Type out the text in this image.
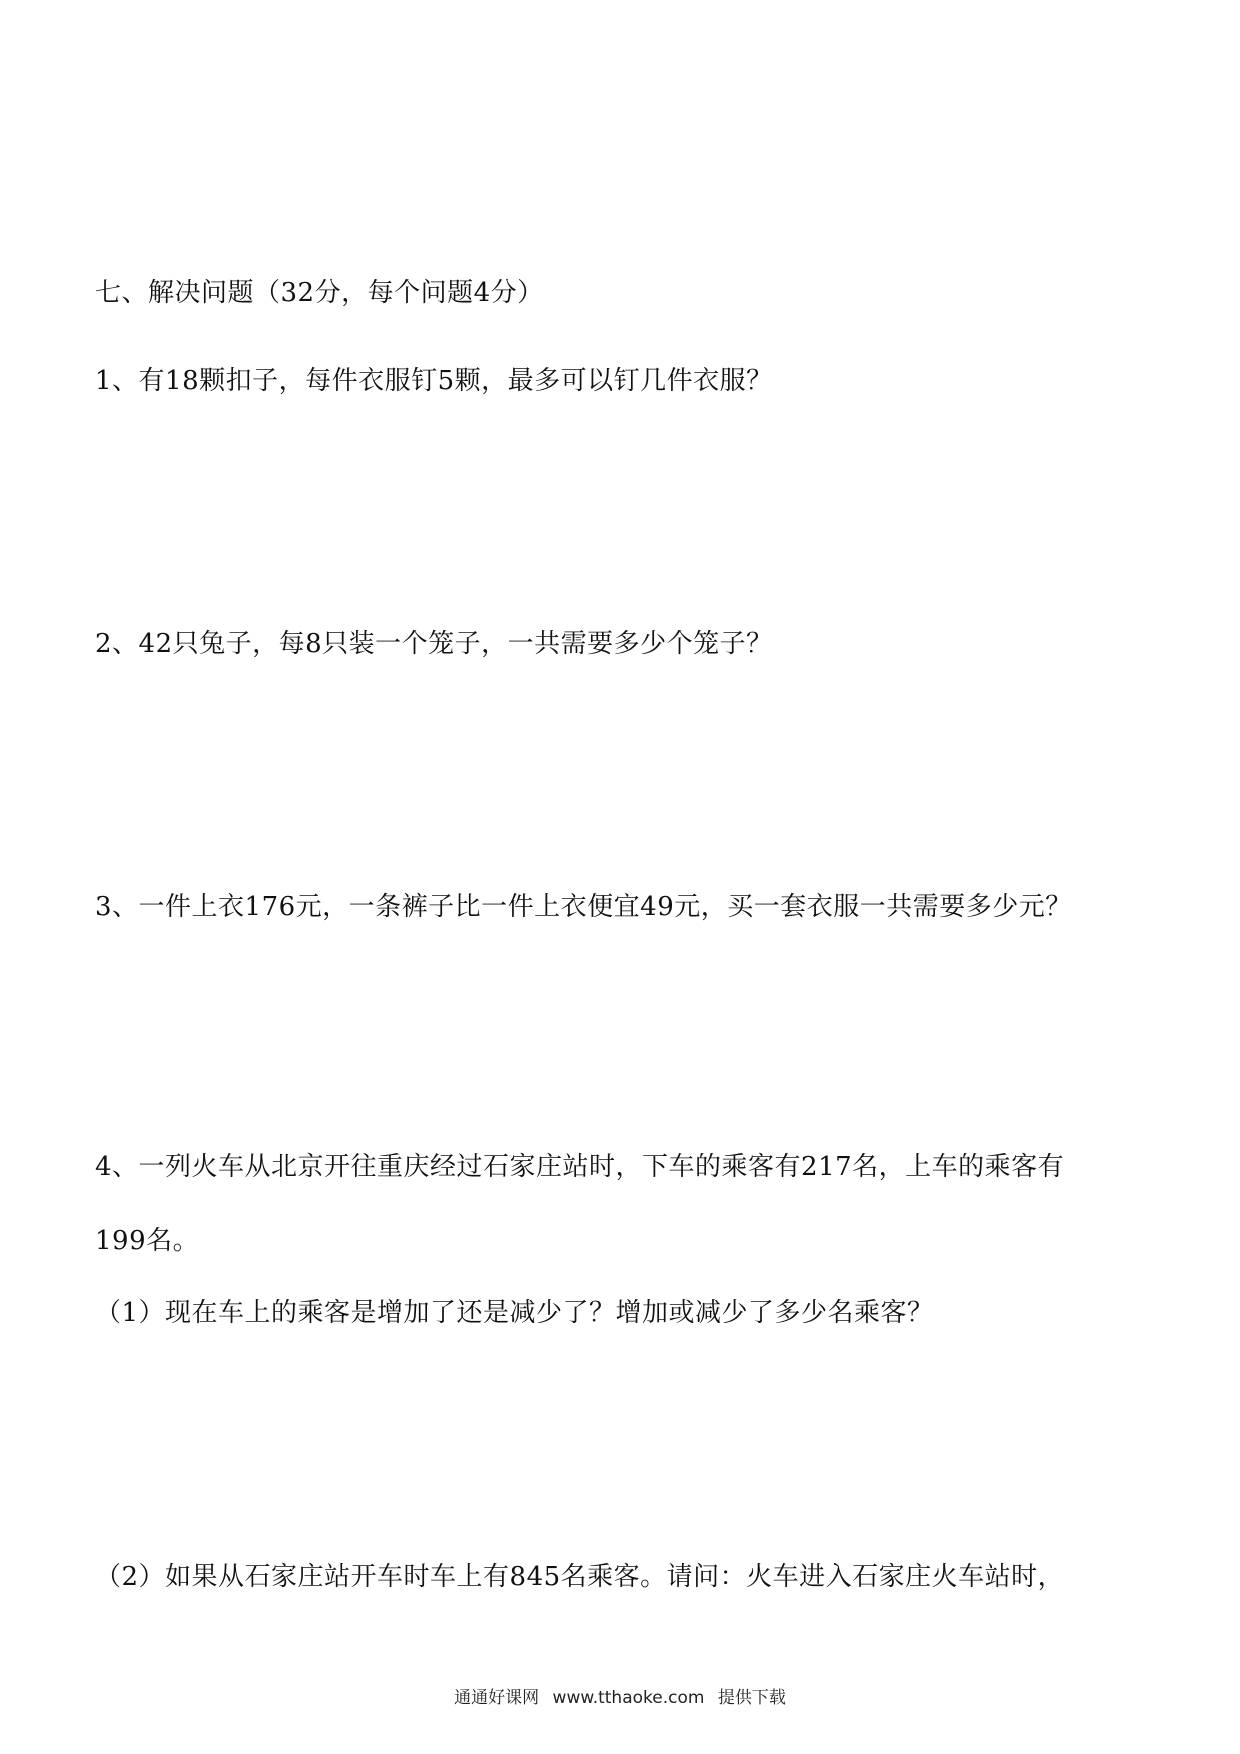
七、解决问题（32分，每个问题4分）
1、有18颗扣子，每件衣服钉5颗，最多可以钉几件衣服？
2、42只兔子，每8只装一个笼子，一共需要多少个笼子？
3、一件上衣176元，一条裤子比一件上衣便宜49元，买一套衣服一共需要多少元？
4、一列火车从北京开往重庆经过石家庄站时，下车的乘客有217名，上车的乘客有
199名。
（1）现在车上的乘客是增加了还是减少了？增加或减少了多少名乘客？
（2）如果从石家庄站开车时车上有845名乘客。请问：火车进入石家庄火车站时，
通通好课网 www.tthaoke.com 提供下载
